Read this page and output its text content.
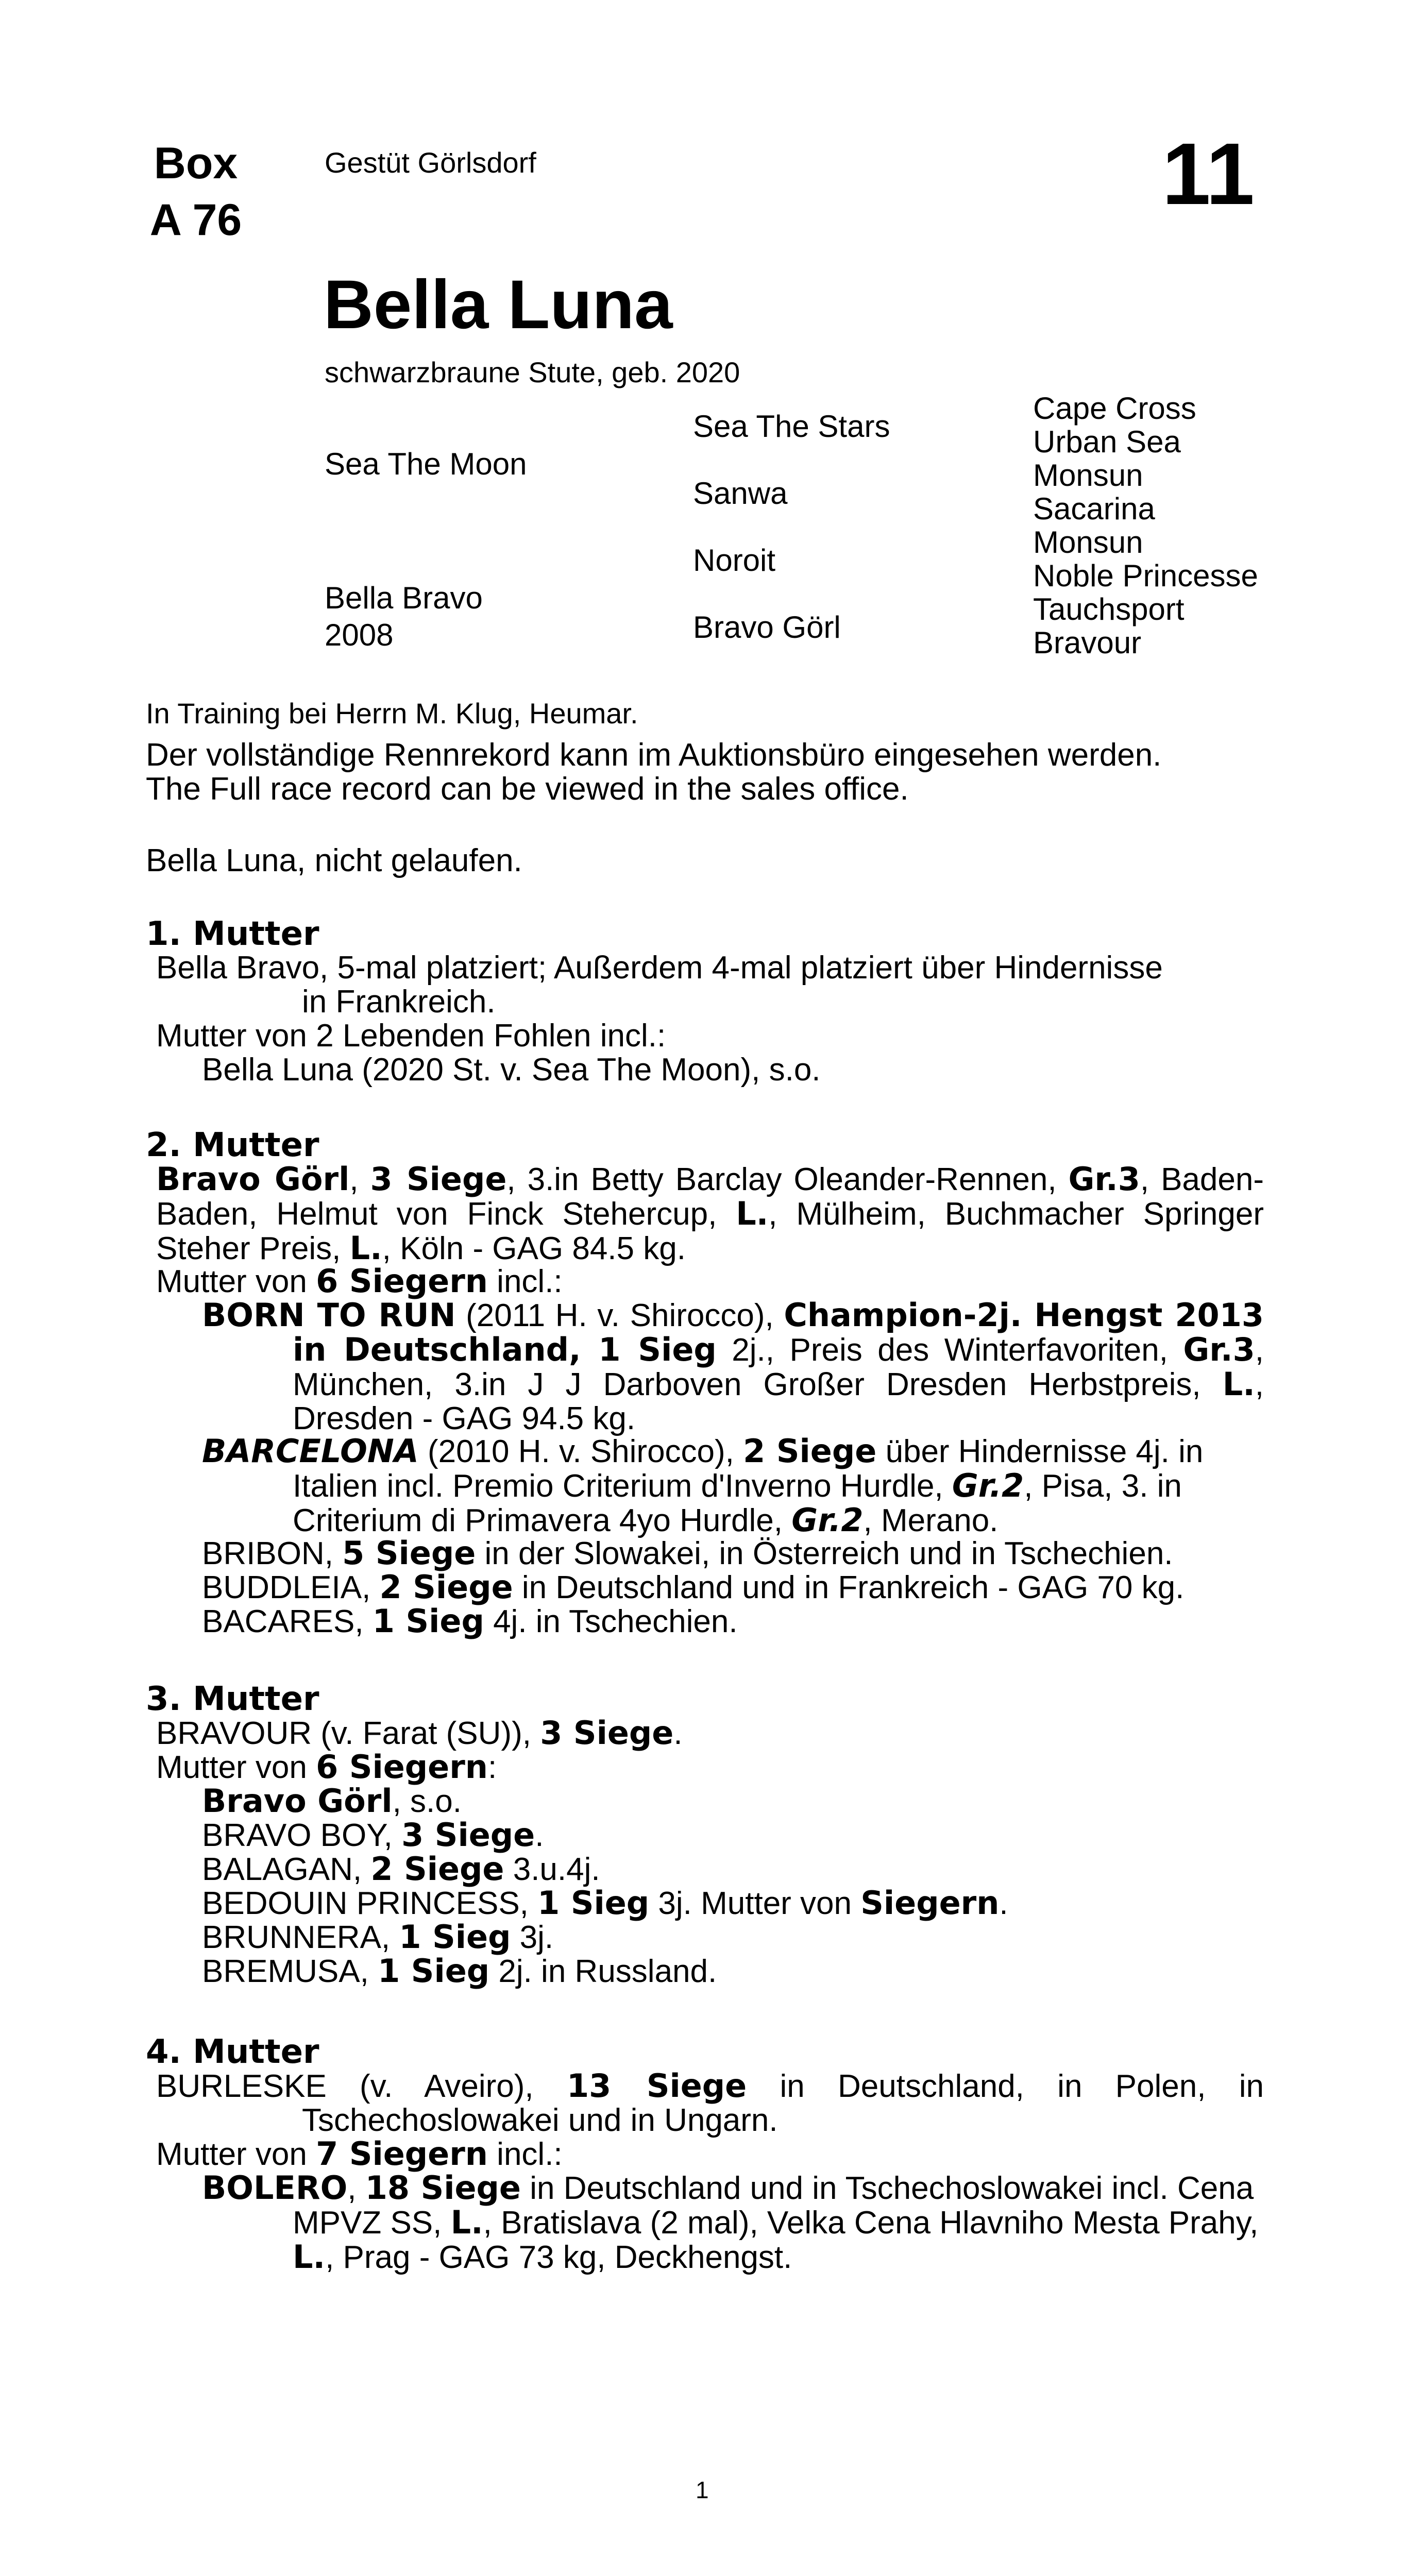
Box
A 76
Gestüt Görlsdorf	11
Bella Luna
schwarzbraune Stute, geb. 2020
Sea The Moon
Bella Bravo
2008
Sea The Stars
Sanwa
Noroit
Bravo Görl
Cape Cross
Urban Sea
Monsun
Sacarina
Monsun
Noble Princesse
Tauchsport
Bravour
In Training bei Herrn M. Klug, Heumar.
Der vollständige Rennrekord kann im Auktionsbüro eingesehen werden.
The Full race record can be viewed in the sales office.
Bella Luna, nicht gelaufen.
1. Mutter
Bella Bravo, 5-mal platziert; Außerdem 4-mal platziert über Hindernisse
in Frankreich.
Mutter von 2 Lebenden Fohlen incl.:
Bella Luna (2020 St. v. Sea The Moon), s.o.
2. Mutter
Bravo Görl, 3 Siege, 3.in Betty Barclay Oleander-Rennen, Gr.3, Baden-Baden, Helmut von Finck Stehercup, L., Mülheim, Buchmacher Springer Steher Preis, L., Köln - GAG 84.5 kg.
Mutter von 6 Siegern incl.:
BORN TO RUN (2011 H. v. Shirocco), Champion-2j. Hengst 2013 in Deutschland, 1 Sieg 2j., Preis des Winterfavoriten, Gr.3, München, 3.in J J Darboven Großer Dresden Herbstpreis, L., Dresden - GAG 94.5 kg.
BARCELONA (2010 H. v. Shirocco), 2 Siege über Hindernisse 4j. in Italien incl. Premio Criterium d'Inverno Hurdle, Gr.2, Pisa, 3. in Criterium di Primavera 4yo Hurdle, Gr.2, Merano.
BRIBON, 5 Siege in der Slowakei, in Österreich und in Tschechien.
BUDDLEIA, 2 Siege in Deutschland und in Frankreich - GAG 70 kg.
BACARES, 1 Sieg 4j. in Tschechien.
3. Mutter
BRAVOUR (v. Farat (SU)), 3 Siege.
Mutter von 6 Siegern:
Bravo Görl, s.o.
BRAVO BOY, 3 Siege.
BALAGAN, 2 Siege 3.u.4j.
BEDOUIN PRINCESS, 1 Sieg 3j. Mutter von Siegern.
BRUNNERA, 1 Sieg 3j.
BREMUSA, 1 Sieg 2j. in Russland.
4. Mutter
BURLESKE (v. Aveiro), 13 Siege in Deutschland, in Polen, in Tschechoslowakei und in Ungarn.
Mutter von 7 Siegern incl.:
BOLERO, 18 Siege in Deutschland und in Tschechoslowakei incl. Cena MPVZ SS, L., Bratislava (2 mal), Velka Cena Hlavniho Mesta Prahy, L., Prag - GAG 73 kg, Deckhengst.
1
